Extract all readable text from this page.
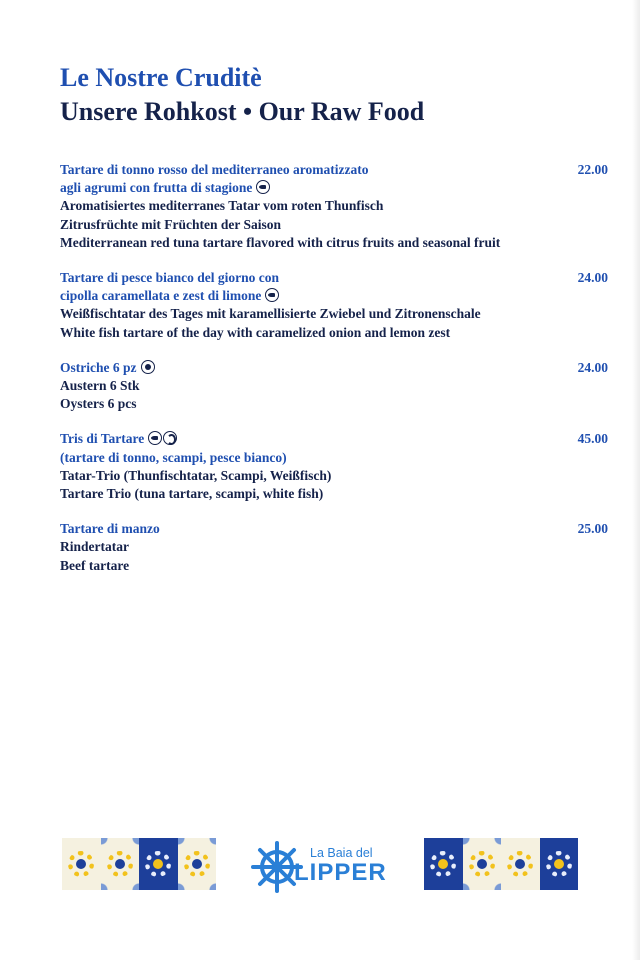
Le Nostre Cruditè
Unsere Rohkost • Our Raw Food
22.00
Tartare di tonno rosso del mediterraneo aromatizzato
agli agrumi con frutta di stagione
Aromatisiertes mediterranes Tatar vom roten Thunfisch
Zitrusfrüchte mit Früchten der Saison
Mediterranean red tuna tartare flavored with citrus fruits and seasonal fruit
24.00
Tartare di pesce bianco del giorno con
cipolla caramellata e zest di limone
Weißfischtatar des Tages mit karamellisierte Zwiebel und Zitronenschale
White fish tartare of the day with caramelized onion and lemon zest
24.00
Ostriche 6 pz
Austern 6 Stk
Oysters 6 pcs
45.00
Tris di Tartare
(tartare di tonno, scampi, pesce bianco)
Tatar-Trio (Thunfischtatar, Scampi, Weißfisch)
Tartare Trio (tuna tartare, scampi, white fish)
25.00
Tartare di manzo
Rindertatar
Beef tartare
La Baia del
LIPPER
